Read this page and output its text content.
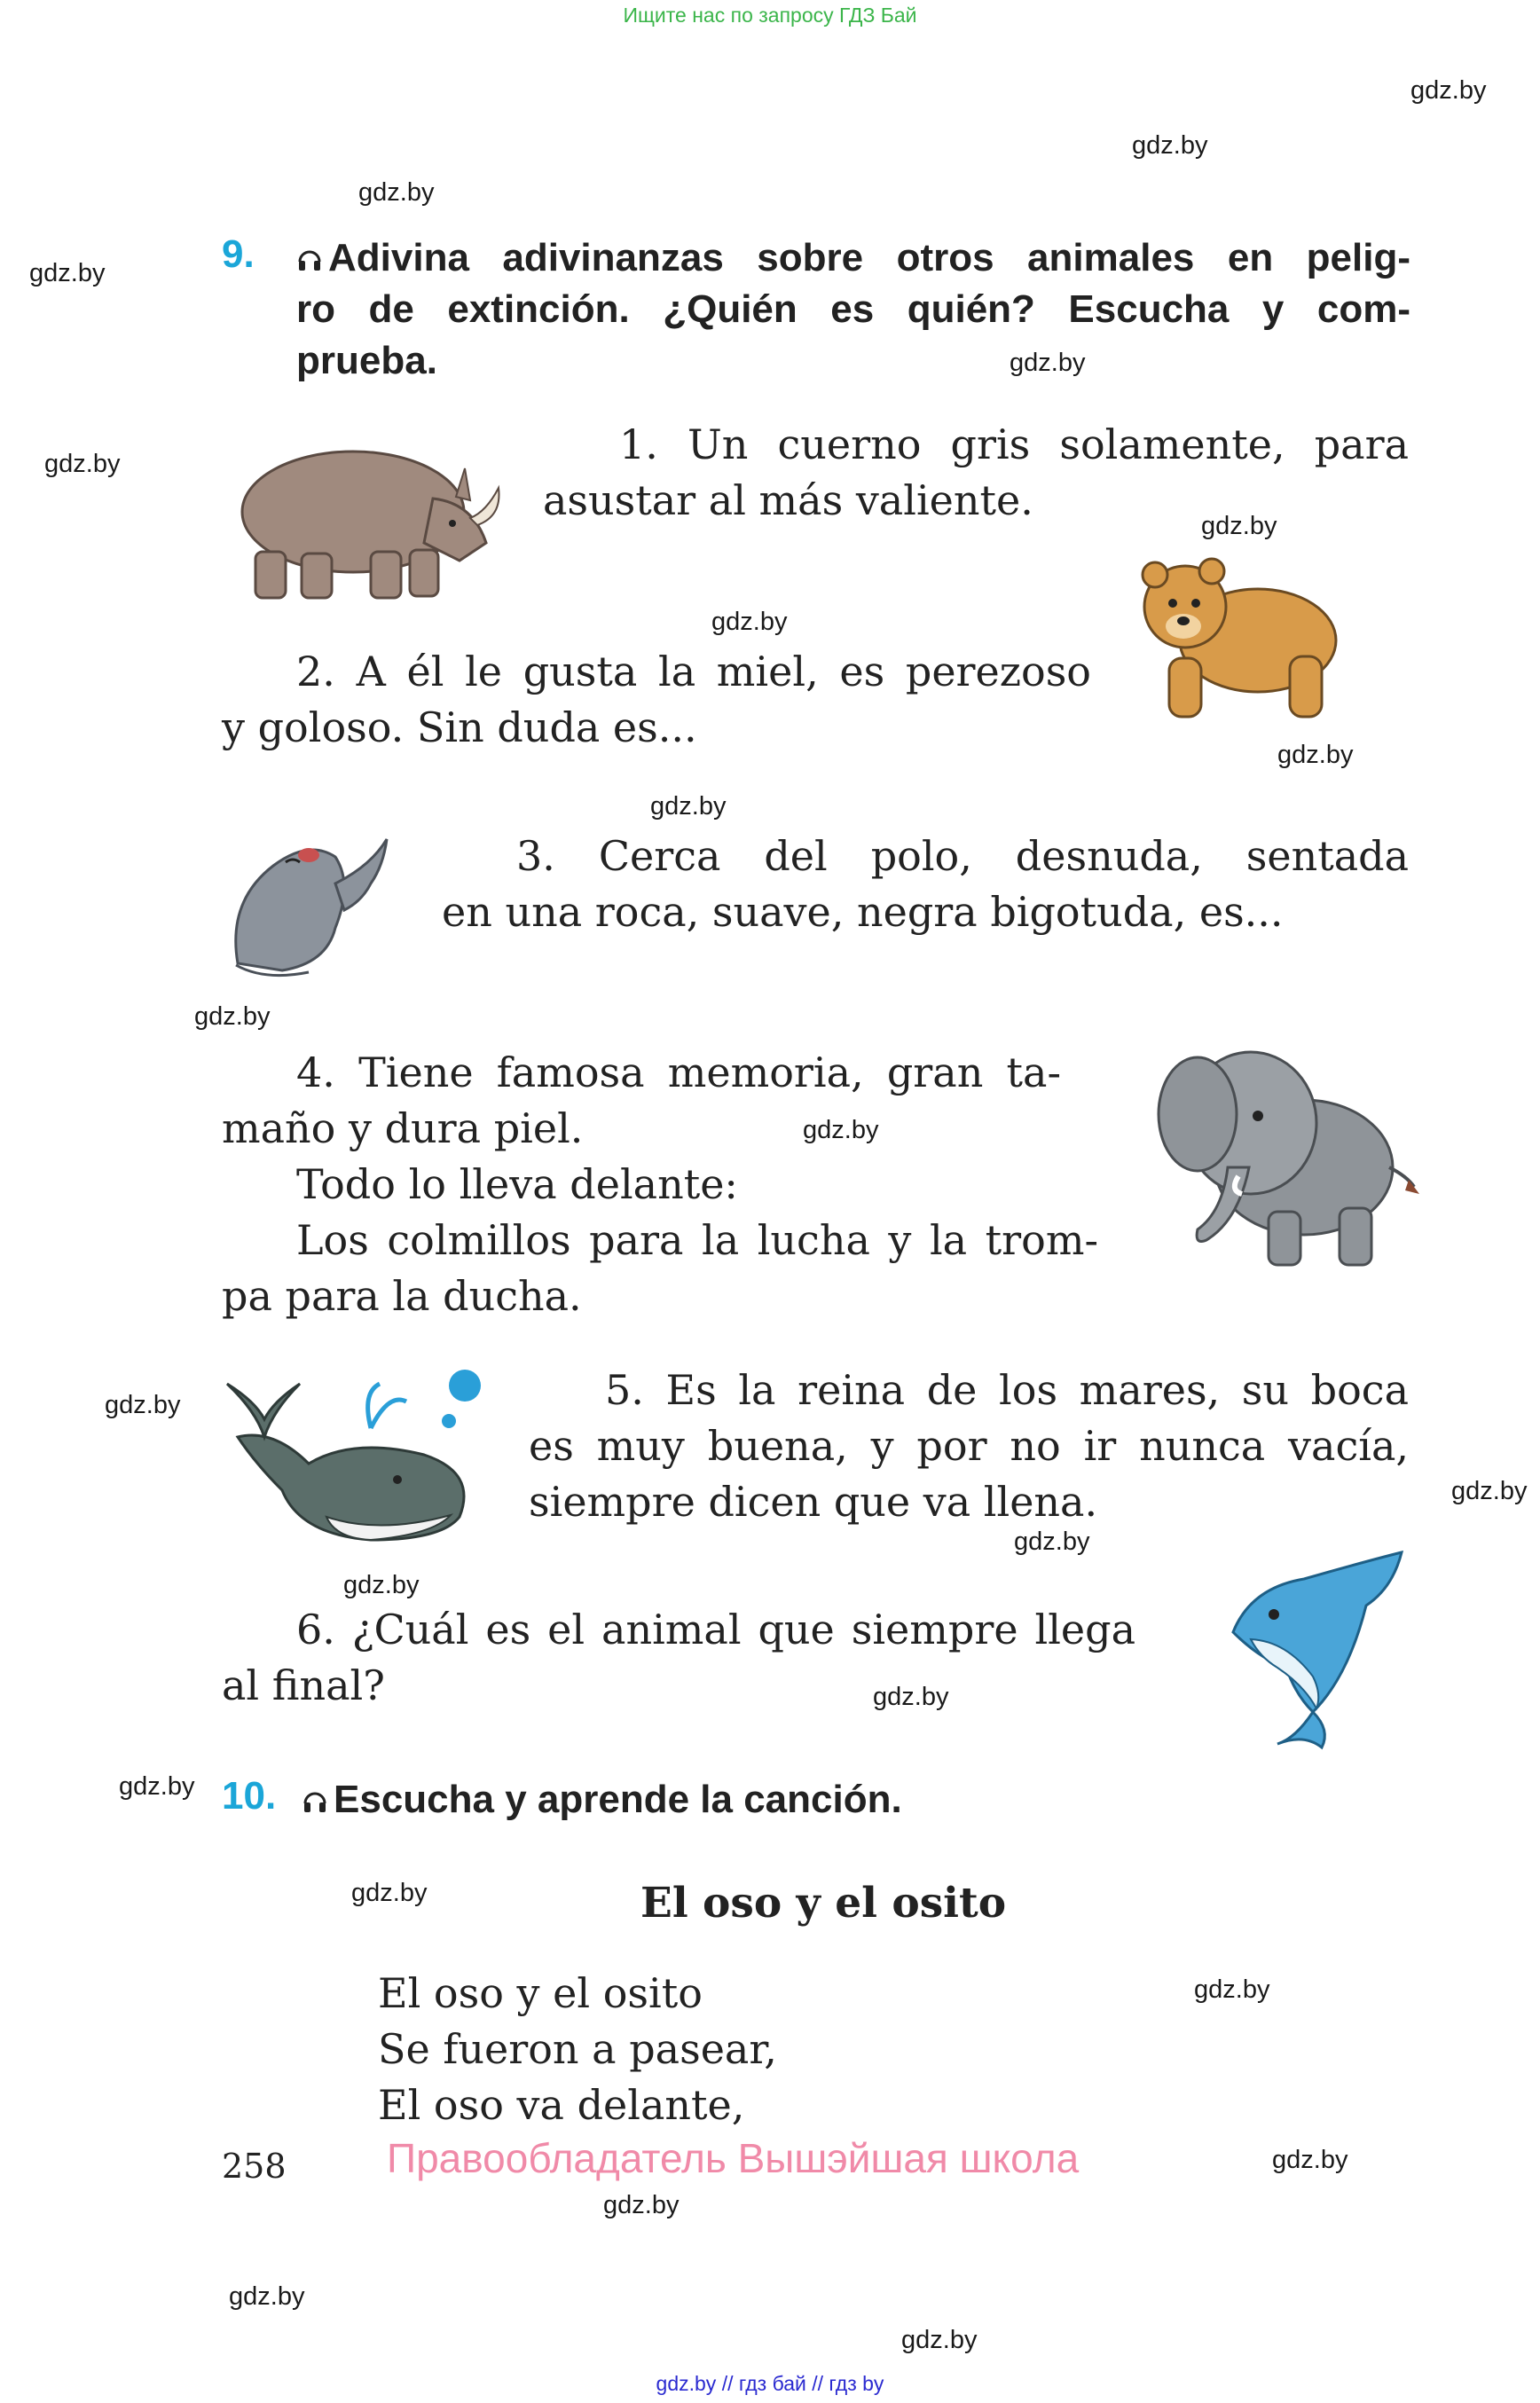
Ищите нас по запросу ГДЗ Бай
gdz.by
gdz.by
gdz.by
gdz.by
gdz.by
gdz.by
gdz.by
gdz.by
gdz.by
gdz.by
gdz.by
gdz.by
gdz.by
gdz.by
gdz.by
gdz.by
gdz.by
gdz.by
gdz.by
gdz.by
gdz.by
gdz.by
gdz.by
gdz.by
9.	Adivina adivinanzas sobre otros animales en pelig-
ro de extinción. ¿Quién es quién? Escucha y com-
prueba.
1. Un cuerno gris solamente, para
asustar al más valiente.
2. A él le gusta la miel, es perezoso
y goloso. Sin duda es...
3. Cerca del polo, desnuda, sentada
en una roca, suave, negra bigotuda, es...
4. Tiene famosa memoria, gran ta-
maño y dura piel.
Todo lo lleva delante:
Los colmillos para la lucha y la trom-
pa para la ducha.
5. Es la reina de los mares, su boca
es muy buena, y por no ir nunca vacía,
siempre dicen que va llena.
6. ¿Cuál es el animal que siempre llega
al final?
10.	Escucha y aprende la canción.
El oso y el osito
El oso y el osito
Se fueron a pasear,
El oso va delante,
258 Правообладатель Вышэйшая школа
gdz.by // гдз бай // гдз by
